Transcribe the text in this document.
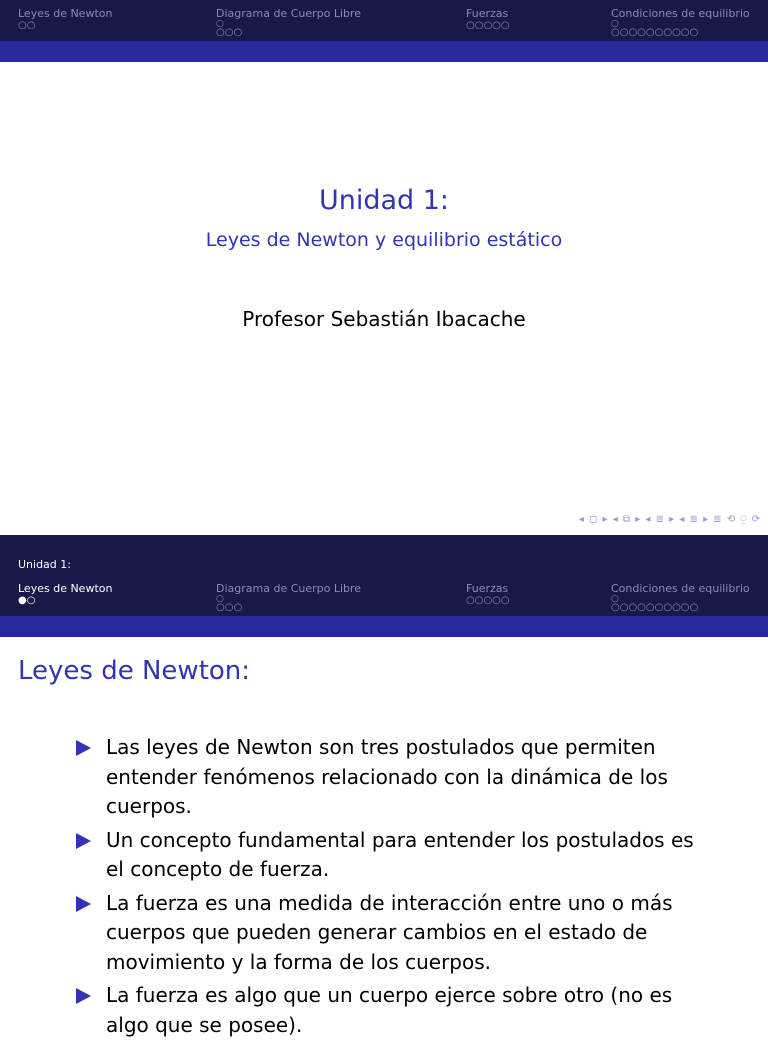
Leyes de Newton
○○
Diagrama de Cuerpo Libre
○
○○○
Fuerzas
○○○○○
Condiciones de equilibrio
○
○○○○○○○○○○
Unidad 1:
Leyes de Newton y equilibrio estático
Profesor Sebastián Ibacache
◂ ◻ ▸ ◂ ⧉ ▸ ◂ ≣ ▸ ◂ ≣ ▸ ≣ ⟲ ⍜ ⟳
Unidad 1:
Leyes de Newton
●○
Diagrama de Cuerpo Libre
○
○○○
Fuerzas
○○○○○
Condiciones de equilibrio
○
○○○○○○○○○○
Leyes de Newton:
Las leyes de Newton son tres postulados que permiten entender fenómenos relacionado con la dinámica de los cuerpos.
Un concepto fundamental para entender los postulados es el concepto de fuerza.
La fuerza es una medida de interacción entre uno o más cuerpos que pueden generar cambios en el estado de movimiento y la forma de los cuerpos.
La fuerza es algo que un cuerpo ejerce sobre otro (no es algo que se posee).
